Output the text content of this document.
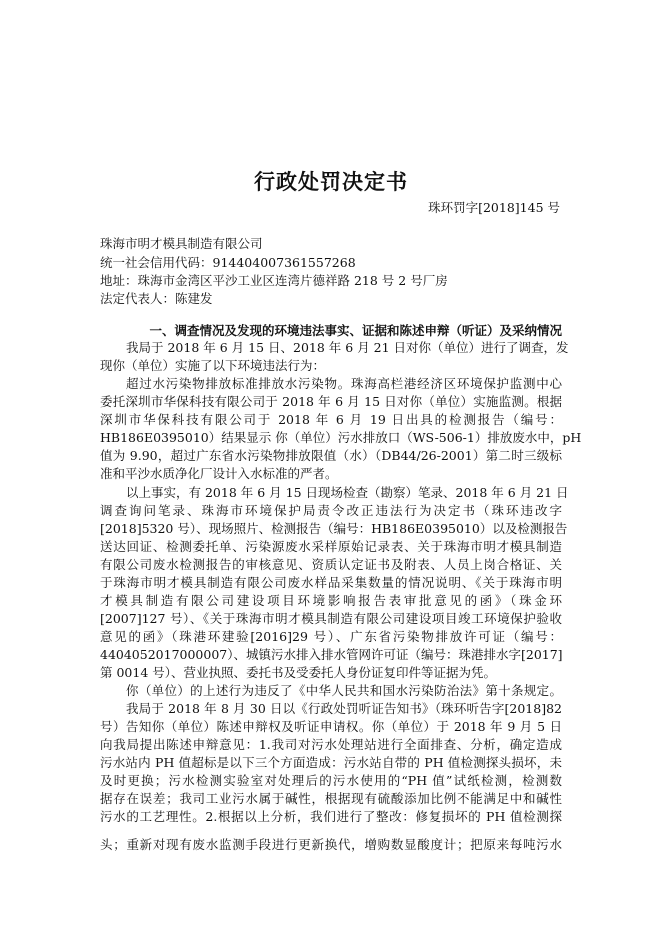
行政处罚决定书
珠环罚字[2018]145 号
珠海市明才模具制造有限公司
统一社会信用代码：914404007361557268
地址：珠海市金湾区平沙工业区连湾片德祥路 218 号 2 号厂房
法定代表人：陈建发
一、调查情况及发现的环境违法事实、证据和陈述申辩（听证）及采纳情况
我局于 2018 年 6 月 15 日、2018 年 6 月 21 日对你（单位）进行了调查，发
现你（单位）实施了以下环境违法行为：
超过水污染物排放标准排放水污染物。珠海高栏港经济区环境保护监测中心
委托深圳市华保科技有限公司于 2018 年 6 月 15 日对你（单位）实施监测。根据
深圳市华保科技有限公司于 2018 年 6 月 19 日出具的检测报告（编号：
HB186E0395010）结果显示 你（单位）污水排放口（WS-506-1）排放废水中，pH
值为 9.90，超过广东省水污染物排放限值（水）（DB44/26-2001）第二时三级标
准和平沙水质净化厂设计入水标准的严者。
以上事实，有 2018 年 6 月 15 日现场检查（勘察）笔录、2018 年 6 月 21 日
调查询问笔录、珠海市环境保护局责令改正违法行为决定书（珠环违改字
[2018]5320 号）、现场照片、检测报告（编号：HB186E0395010）以及检测报告
送达回证、检测委托单、污染源废水采样原始记录表、关于珠海市明才模具制造
有限公司废水检测报告的审核意见、资质认定证书及附表、人员上岗合格证、关
于珠海市明才模具制造有限公司废水样品采集数量的情况说明、《关于珠海市明
才模具制造有限公司建设项目环境影响报告表审批意见的函》（珠金环
[2007]127 号）、《关于珠海市明才模具制造有限公司建设项目竣工环境保护验收
意见的函》（珠港环建验[2016]29 号）、广东省污染物排放许可证（编号：
4404052017000007）、城镇污水排入排水管网许可证（编号：珠港排水字[2017]
第 0014 号）、营业执照、委托书及受委托人身份证复印件等证据为凭。
你（单位）的上述行为违反了《中华人民共和国水污染防治法》第十条规定。
我局于 2018 年 8 月 30 日以《行政处罚听证告知书》（珠环听告字[2018]82
号）告知你（单位）陈述申辩权及听证申请权。你（单位）于 2018 年 9 月 5 日
向我局提出陈述申辩意见：1.我司对污水处理站进行全面排查、分析，确定造成
污水站内 PH 值超标是以下三个方面造成：污水站自带的 PH 值检测探头损坏，未
及时更换；污水检测实验室对处理后的污水使用的“PH 值”试纸检测，检测数
据存在误差；我司工业污水属于碱性，根据现有硫酸添加比例不能满足中和碱性
污水的工艺理性。2.根据以上分析，我们进行了整改：修复损坏的 PH 值检测探
头；重新对现有废水监测手段进行更新换代，增购数显酸度计；把原来每吨污水
